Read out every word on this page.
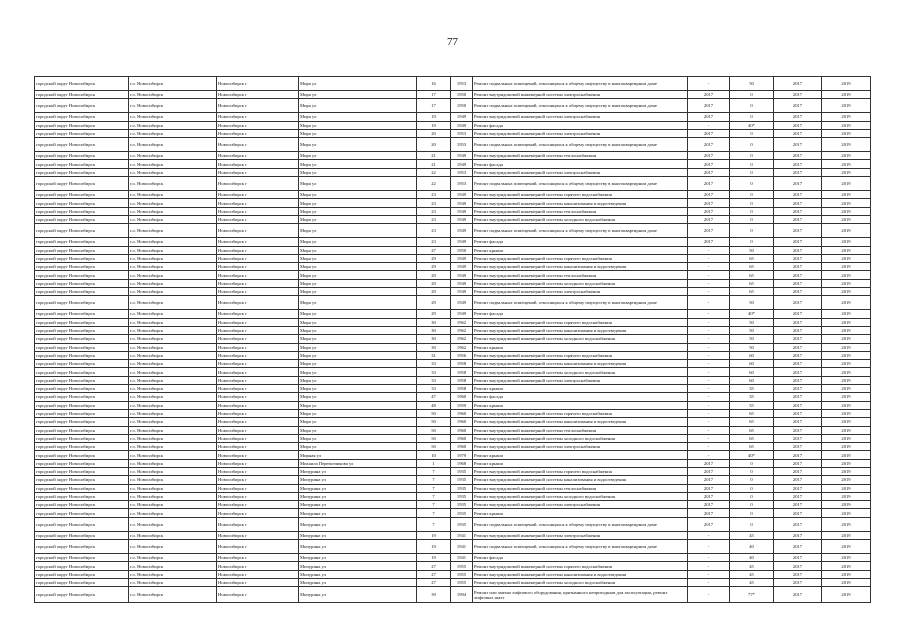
77
городской округ Новосибирск	г.о. Новосибирск	Новосибирск г	Мира ул	16	1953	Ремонт подвальных помещений, относящихся к общему имуществу в многоквартирном доме	-	50	2017	2019
городской округ Новосибирск	г.о. Новосибирск	Новосибирск г	Мира ул	17	1950	Ремонт внутридомовой инженерной системы электроснабжения	2017	0	2017	2019
городской округ Новосибирск	г.о. Новосибирск	Новосибирск г	Мира ул	17	1950	Ремонт подвальных помещений, относящихся к общему имуществу в многоквартирном доме	2017	0	2017	2019
городской округ Новосибирск	г.о. Новосибирск	Новосибирск г	Мира ул	19	1949	Ремонт внутридомовой инженерной системы электроснабжения	2017	0	2017	2019
городской округ Новосибирск	г.о. Новосибирск	Новосибирск г	Мира ул	19	1949	Ремонт фасада	-	40*	2017	2019
городской округ Новосибирск	г.о. Новосибирск	Новосибирск г	Мира ул	20	1953	Ремонт внутридомовой инженерной системы электроснабжения	2017	0	2017	2019
городской округ Новосибирск	г.о. Новосибирск	Новосибирск г	Мира ул	20	1953	Ремонт подвальных помещений, относящихся к общему имуществу в многоквартирном доме	2017	0	2017	2019
городской округ Новосибирск	г.о. Новосибирск	Новосибирск г	Мира ул	21	1949	Ремонт внутридомовой инженерной системы теплоснабжения	2017	0	2017	2019
городской округ Новосибирск	г.о. Новосибирск	Новосибирск г	Мира ул	21	1949	Ремонт фасада	2017	0	2017	2019
городской округ Новосибирск	г.о. Новосибирск	Новосибирск г	Мира ул	22	1953	Ремонт внутридомовой инженерной системы электроснабжения	2017	0	2017	2019
городской округ Новосибирск	г.о. Новосибирск	Новосибирск г	Мира ул	22	1953	Ремонт подвальных помещений, относящихся к общему имуществу в многоквартирном доме	2017	0	2017	2019
городской округ Новосибирск	г.о. Новосибирск	Новосибирск г	Мира ул	23	1949	Ремонт внутридомовой инженерной системы горячего водоснабжения	2017	0	2017	2019
городской округ Новосибирск	г.о. Новосибирск	Новосибирск г	Мира ул	23	1949	Ремонт внутридомовой инженерной системы канализования и водоотведения	2017	0	2017	2019
городской округ Новосибирск	г.о. Новосибирск	Новосибирск г	Мира ул	23	1949	Ремонт внутридомовой инженерной системы теплоснабжения	2017	0	2017	2019
городской округ Новосибирск	г.о. Новосибирск	Новосибирск г	Мира ул	23	1949	Ремонт внутридомовой инженерной системы холодного водоснабжения	2017	0	2017	2019
городской округ Новосибирск	г.о. Новосибирск	Новосибирск г	Мира ул	23	1949	Ремонт подвальных помещений, относящихся к общему имуществу в многоквартирном доме	2017	0	2017	2019
городской округ Новосибирск	г.о. Новосибирск	Новосибирск г	Мира ул	23	1949	Ремонт фасада	2017	0	2017	2019
городской округ Новосибирск	г.о. Новосибирск	Новосибирск г	Мира ул	27	1950	Ремонт крыши	-	50	2017	2019
городской округ Новосибирск	г.о. Новосибирск	Новосибирск г	Мира ул	29	1949	Ремонт внутридомовой инженерной системы горячего водоснабжения	-	65	2017	2019
городской округ Новосибирск	г.о. Новосибирск	Новосибирск г	Мира ул	29	1949	Ремонт внутридомовой инженерной системы канализования и водоотведения	-	65	2017	2019
городской округ Новосибирск	г.о. Новосибирск	Новосибирск г	Мира ул	29	1949	Ремонт внутридомовой инженерной системы теплоснабжения	-	65	2017	2019
городской округ Новосибирск	г.о. Новосибирск	Новосибирск г	Мира ул	29	1949	Ремонт внутридомовой инженерной системы холодного водоснабжения	-	65	2017	2019
городской округ Новосибирск	г.о. Новосибирск	Новосибирск г	Мира ул	29	1949	Ремонт внутридомовой инженерной системы электроснабжения	-	65	2017	2019
городской округ Новосибирск	г.о. Новосибирск	Новосибирск г	Мира ул	29	1949	Ремонт подвальных помещений, относящихся к общему имуществу в многоквартирном доме	-	50	2017	2019
городской округ Новосибирск	г.о. Новосибирск	Новосибирск г	Мира ул	29	1949	Ремонт фасада	-	40*	2017	2019
городской округ Новосибирск	г.о. Новосибирск	Новосибирск г	Мира ул	30	1962	Ремонт внутридомовой инженерной системы горячего водоснабжения	-	50	2017	2019
городской округ Новосибирск	г.о. Новосибирск	Новосибирск г	Мира ул	30	1962	Ремонт внутридомовой инженерной системы канализования и водоотведения	-	50	2017	2019
городской округ Новосибирск	г.о. Новосибирск	Новосибирск г	Мира ул	30	1962	Ремонт внутридомовой инженерной системы холодного водоснабжения	-	50	2017	2019
городской округ Новосибирск	г.о. Новосибирск	Новосибирск г	Мира ул	30	1962	Ремонт крыши	-	50	2017	2019
городской округ Новосибирск	г.о. Новосибирск	Новосибирск г	Мира ул	31	1956	Ремонт внутридомовой инженерной системы горячего водоснабжения	-	60	2017	2019
городской округ Новосибирск	г.о. Новосибирск	Новосибирск г	Мира ул	33	1958	Ремонт внутридомовой инженерной системы канализования и водоотведения	-	60	2017	2019
городской округ Новосибирск	г.о. Новосибирск	Новосибирск г	Мира ул	33	1958	Ремонт внутридомовой инженерной системы холодного водоснабжения	-	60	2017	2019
городской округ Новосибирск	г.о. Новосибирск	Новосибирск г	Мира ул	33	1958	Ремонт внутридомовой инженерной системы электроснабжения	-	60	2017	2019
городской округ Новосибирск	г.о. Новосибирск	Новосибирск г	Мира ул	33	1958	Ремонт крыши	-	35	2017	2019
городской округ Новосибирск	г.о. Новосибирск	Новосибирск г	Мира ул	47	1960	Ремонт фасада	-	35	2017	2019
городской округ Новосибирск	г.о. Новосибирск	Новосибирск г	Мира ул	48	1959	Ремонт крыши	-	55	2017	2019
городской округ Новосибирск	г.о. Новосибирск	Новосибирск г	Мира ул	50	1960	Ремонт внутридомовой инженерной системы горячего водоснабжения	-	65	2017	2019
городской округ Новосибирск	г.о. Новосибирск	Новосибирск г	Мира ул	50	1960	Ремонт внутридомовой инженерной системы канализования и водоотведения	-	65	2017	2019
городской округ Новосибирск	г.о. Новосибирск	Новосибирск г	Мира ул	50	1960	Ремонт внутридомовой инженерной системы теплоснабжения	-	65	2017	2019
городской округ Новосибирск	г.о. Новосибирск	Новосибирск г	Мира ул	50	1960	Ремонт внутридомовой инженерной системы холодного водоснабжения	-	65	2017	2019
городской округ Новосибирск	г.о. Новосибирск	Новосибирск г	Мира ул	50	1960	Ремонт внутридомовой инженерной системы электроснабжения	-	65	2017	2019
городской округ Новосибирск	г.о. Новосибирск	Новосибирск г	Мирная ул	10	1979	Ремонт крыши	-	40*	2017	2019
городской округ Новосибирск	г.о. Новосибирск	Новосибирск г	Михаила Перевозчикова ул	1	1968	Ремонт крыши	2017	0	2017	2019
городской округ Новосибирск	г.о. Новосибирск	Новосибирск г	Мичурина ул	7	1935	Ремонт внутридомовой инженерной системы горячего водоснабжения	2017	0	2017	2019
городской округ Новосибирск	г.о. Новосибирск	Новосибирск г	Мичурина ул	7	1935	Ремонт внутридомовой инженерной системы канализования и водоотведения	2017	0	2017	2019
городской округ Новосибирск	г.о. Новосибирск	Новосибирск г	Мичурина ул	7	1935	Ремонт внутридомовой инженерной системы теплоснабжения	2017	0	2017	2019
городской округ Новосибирск	г.о. Новосибирск	Новосибирск г	Мичурина ул	7	1935	Ремонт внутридомовой инженерной системы холодного водоснабжения	2017	0	2017	2019
городской округ Новосибирск	г.о. Новосибирск	Новосибирск г	Мичурина ул	7	1935	Ремонт внутридомовой инженерной системы электроснабжения	2017	0	2017	2019
городской округ Новосибирск	г.о. Новосибирск	Новосибирск г	Мичурина ул	7	1935	Ремонт крыши	2017	0	2017	2019
городской округ Новосибирск	г.о. Новосибирск	Новосибирск г	Мичурина ул	7	1935	Ремонт подвальных помещений, относящихся к общему имуществу в многоквартирном доме	2017	0	2017	2019
городской округ Новосибирск	г.о. Новосибирск	Новосибирск г	Мичурина ул	19	1941	Ремонт внутридомовой инженерной системы электроснабжения	-	45	2017	2019
городской округ Новосибирск	г.о. Новосибирск	Новосибирск г	Мичурина ул	19	1941	Ремонт подвальных помещений, относящихся к общему имуществу в многоквартирном доме	-	40	2017	2019
городской округ Новосибирск	г.о. Новосибирск	Новосибирск г	Мичурина ул	19	1941	Ремонт фасада	-	40	2017	2019
городской округ Новосибирск	г.о. Новосибирск	Новосибирск г	Мичурина ул	27	1955	Ремонт внутридомовой инженерной системы горячего водоснабжения	-	45	2017	2019
городской округ Новосибирск	г.о. Новосибирск	Новосибирск г	Мичурина ул	27	1955	Ремонт внутридомовой инженерной системы канализования и водоотведения	-	45	2017	2019
городской округ Новосибирск	г.о. Новосибирск	Новосибирск г	Мичурина ул	27	1955	Ремонт внутридомовой инженерной системы холодного водоснабжения	-	45	2017	2019
городской округ Новосибирск	г.о. Новосибирск	Новосибирск г	Мичурина ул	39	1994	Ремонт или замена лифтового оборудования, признанного непригодным для эксплуатации, ремонт лифтовых шахт	-	77*	2017	2019
